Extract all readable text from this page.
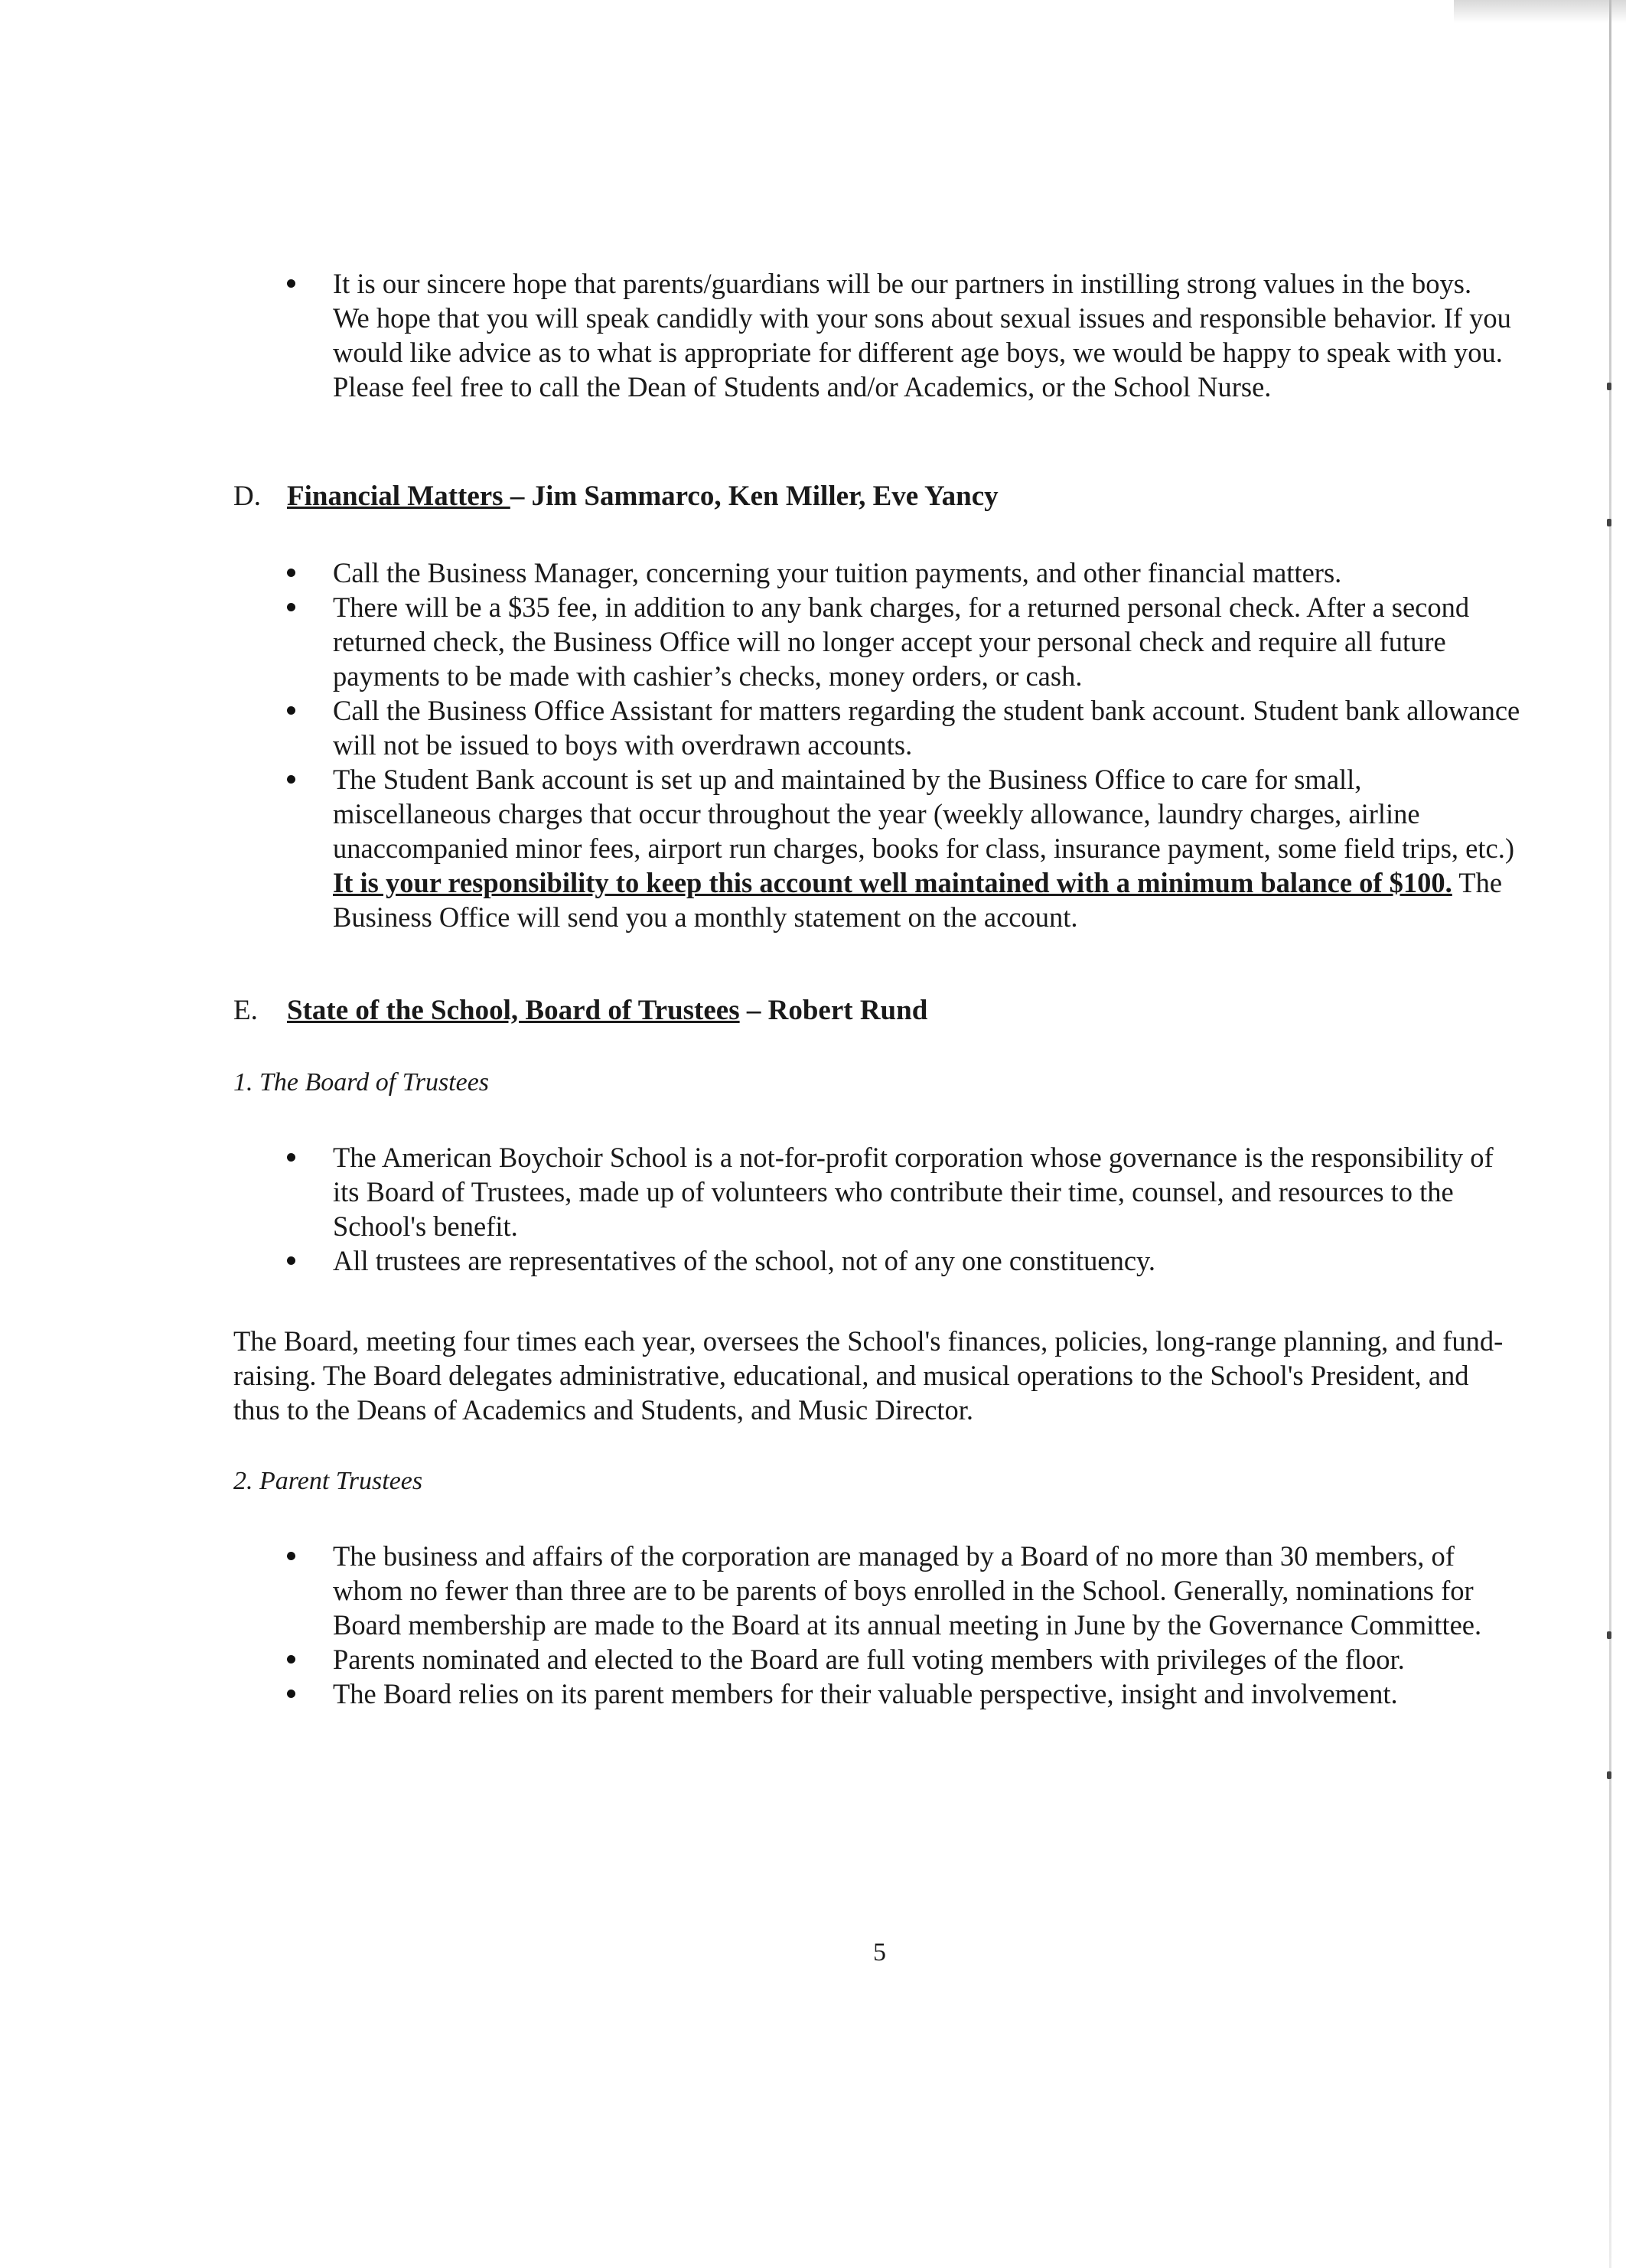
It is our sincere hope that parents/guardians will be our partners in instilling strong values in the boys. We hope that you will speak candidly with your sons about sexual issues and responsible behavior. If you would like advice as to what is appropriate for different age boys, we would be happy to speak with you. Please feel free to call the Dean of Students and/or Academics, or the School Nurse.
D. Financial Matters – Jim Sammarco, Ken Miller, Eve Yancy
Call the Business Manager, concerning your tuition payments, and other financial matters.
There will be a $35 fee, in addition to any bank charges, for a returned personal check. After a second returned check, the Business Office will no longer accept your personal check and require all future payments to be made with cashier’s checks, money orders, or cash.
Call the Business Office Assistant for matters regarding the student bank account. Student bank allowance will not be issued to boys with overdrawn accounts.
The Student Bank account is set up and maintained by the Business Office to care for small, miscellaneous charges that occur throughout the year (weekly allowance, laundry charges, airline unaccompanied minor fees, airport run charges, books for class, insurance payment, some field trips, etc.) It is your responsibility to keep this account well maintained with a minimum balance of $100. The Business Office will send you a monthly statement on the account.
E. State of the School, Board of Trustees – Robert Rund
1. The Board of Trustees
The American Boychoir School is a not-for-profit corporation whose governance is the responsibility of its Board of Trustees, made up of volunteers who contribute their time, counsel, and resources to the School's benefit.
All trustees are representatives of the school, not of any one constituency.
The Board, meeting four times each year, oversees the School's finances, policies, long-range planning, and fund-raising. The Board delegates administrative, educational, and musical operations to the School's President, and thus to the Deans of Academics and Students, and Music Director.
2. Parent Trustees
The business and affairs of the corporation are managed by a Board of no more than 30 members, of whom no fewer than three are to be parents of boys enrolled in the School. Generally, nominations for Board membership are made to the Board at its annual meeting in June by the Governance Committee.
Parents nominated and elected to the Board are full voting members with privileges of the floor.
The Board relies on its parent members for their valuable perspective, insight and involvement.
5
